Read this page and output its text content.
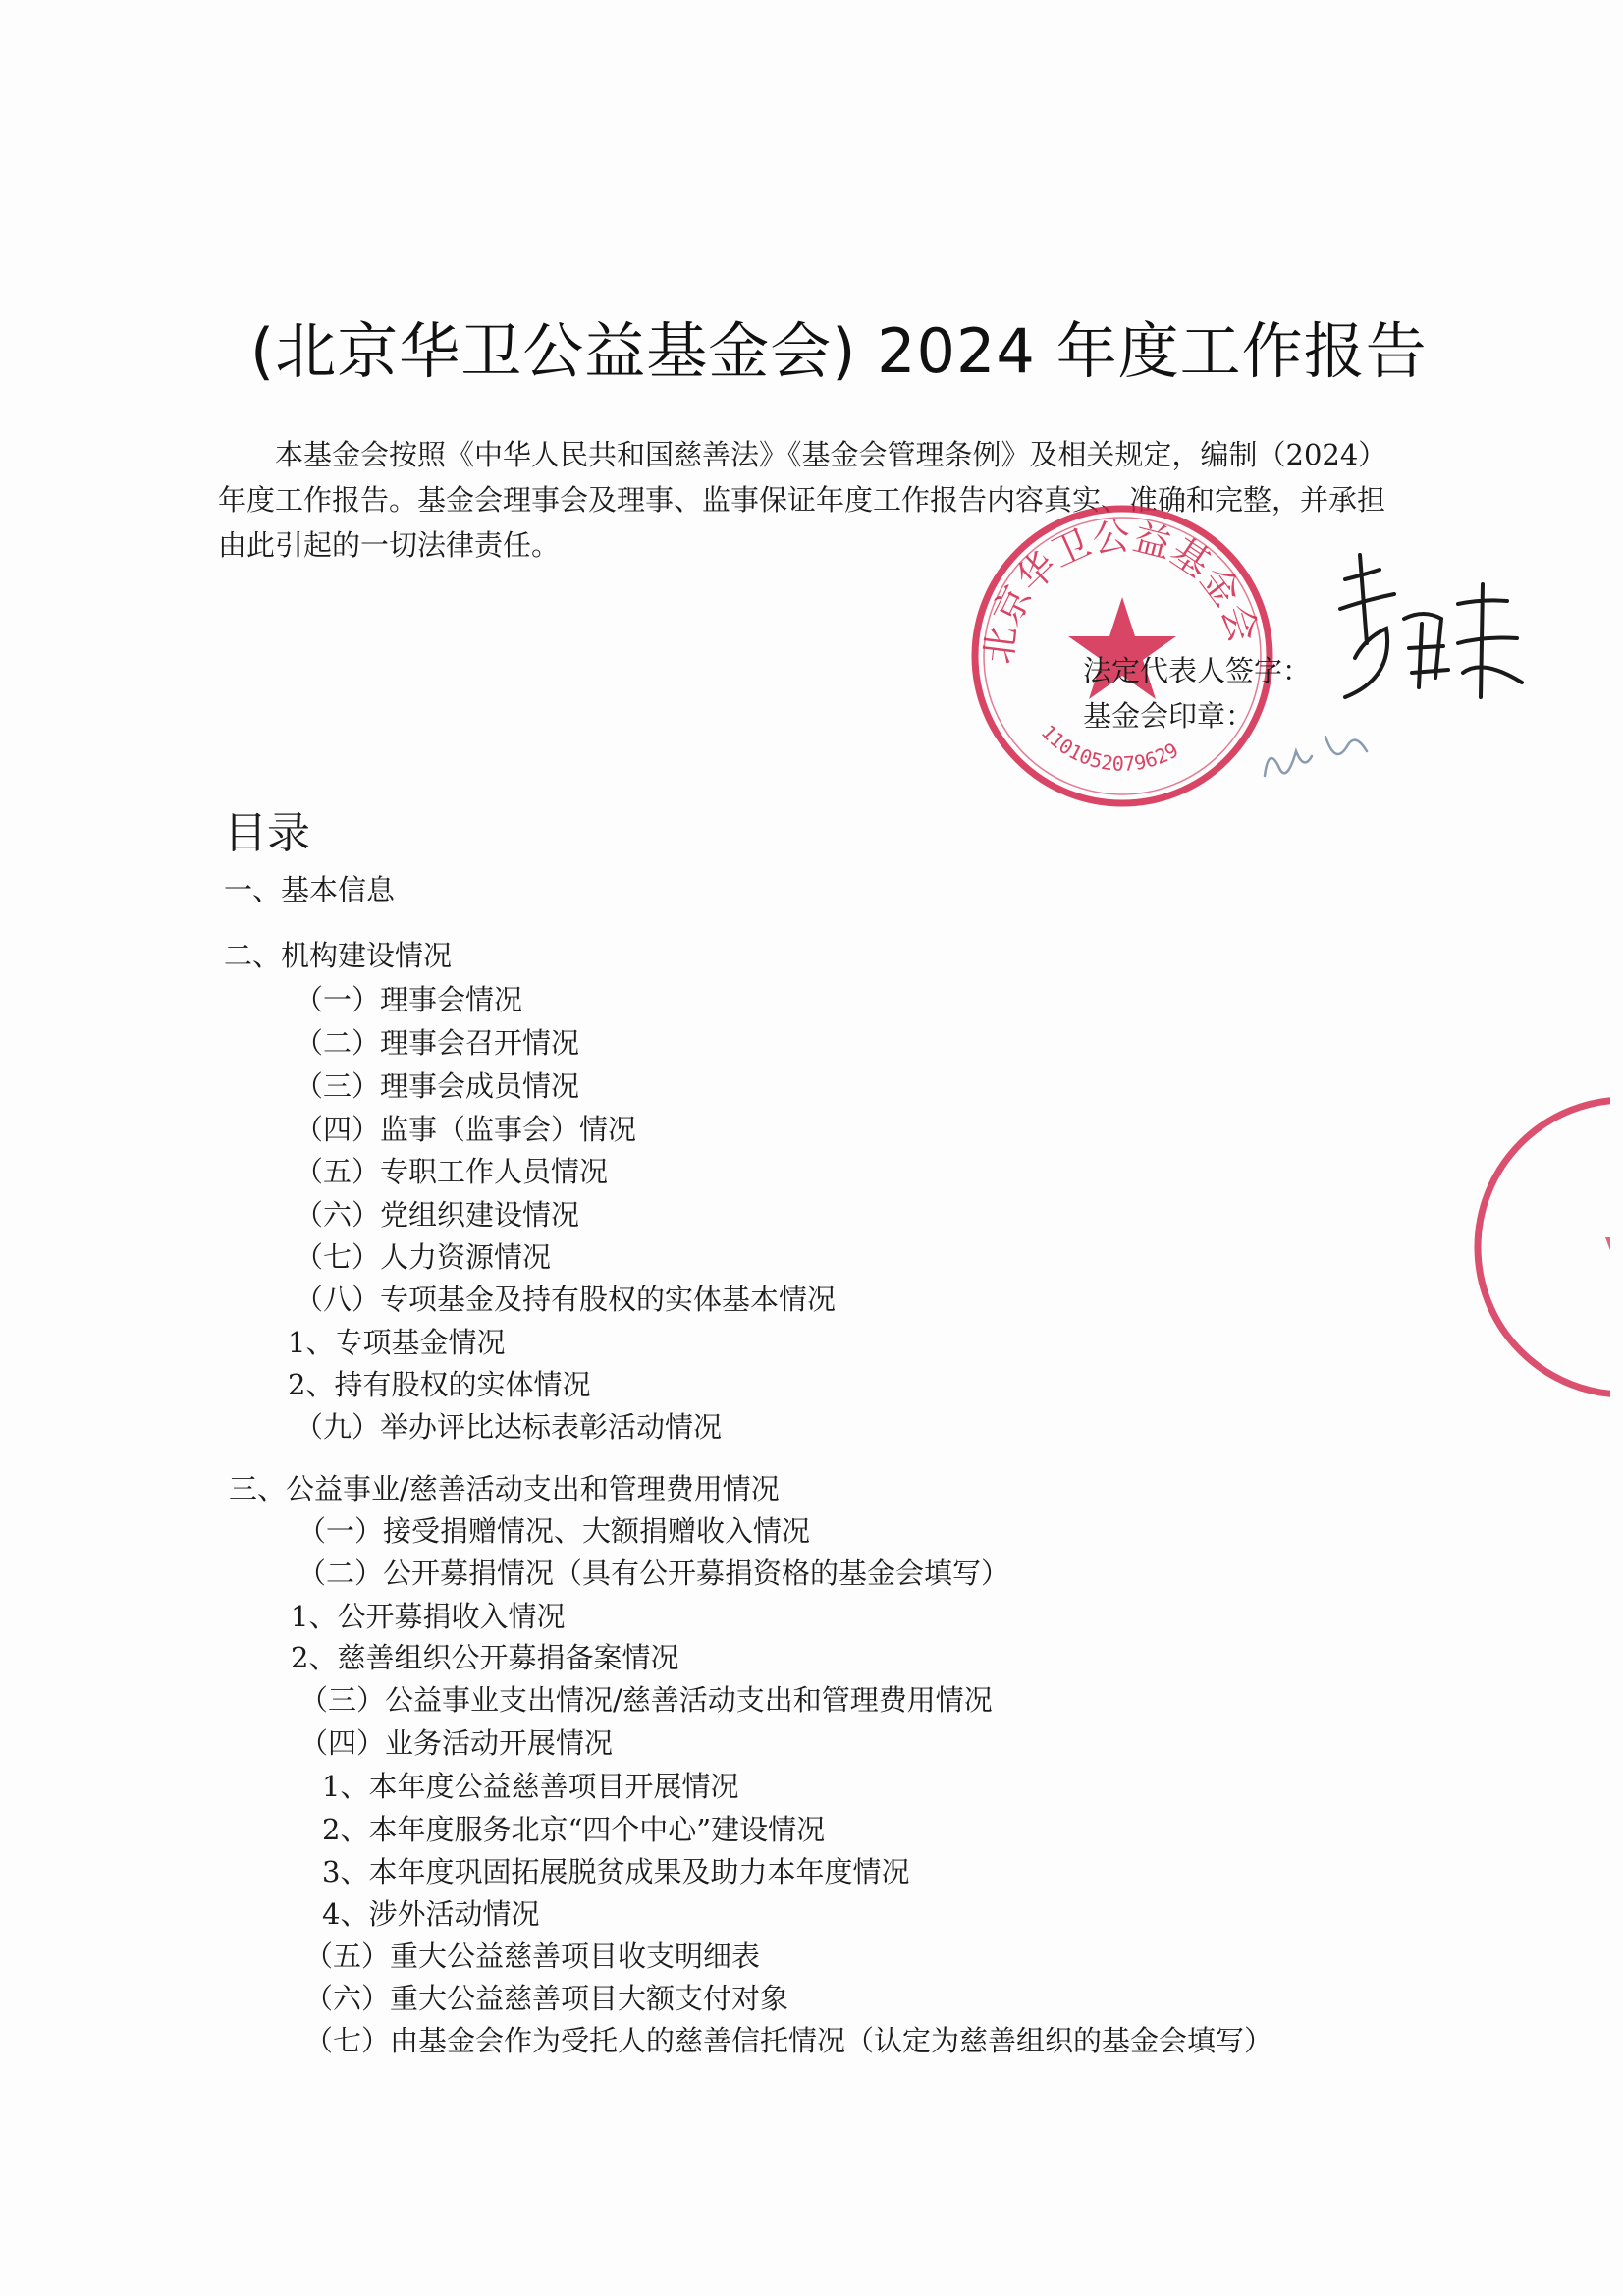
(北京华卫公益基金会) 2024 年度工作报告
本基金会按照《中华人民共和国慈善法》《基金会管理条例》及相关规定，编制（2024）年度工作报告。基金会理事会及理事、监事保证年度工作报告内容真实、准确和完整，并承担由此引起的一切法律责任。
北京华卫公益基金会
1101052079629
法定代表人签字：
基金会印章：
目录
一、基本信息
二、机构建设情况
（一）理事会情况
（二）理事会召开情况
（三）理事会成员情况
（四）监事（监事会）情况
（五）专职工作人员情况
（六）党组织建设情况
（七）人力资源情况
（八）专项基金及持有股权的实体基本情况
1、专项基金情况
2、持有股权的实体情况
（九）举办评比达标表彰活动情况
三、公益事业/慈善活动支出和管理费用情况
（一）接受捐赠情况、大额捐赠收入情况
（二）公开募捐情况（具有公开募捐资格的基金会填写）
1、公开募捐收入情况
2、慈善组织公开募捐备案情况
（三）公益事业支出情况/慈善活动支出和管理费用情况
（四）业务活动开展情况
1、本年度公益慈善项目开展情况
2、本年度服务北京“四个中心”建设情况
3、本年度巩固拓展脱贫成果及助力本年度情况
4、涉外活动情况
（五）重大公益慈善项目收支明细表
（六）重大公益慈善项目大额支付对象
（七）由基金会作为受托人的慈善信托情况（认定为慈善组织的基金会填写）
